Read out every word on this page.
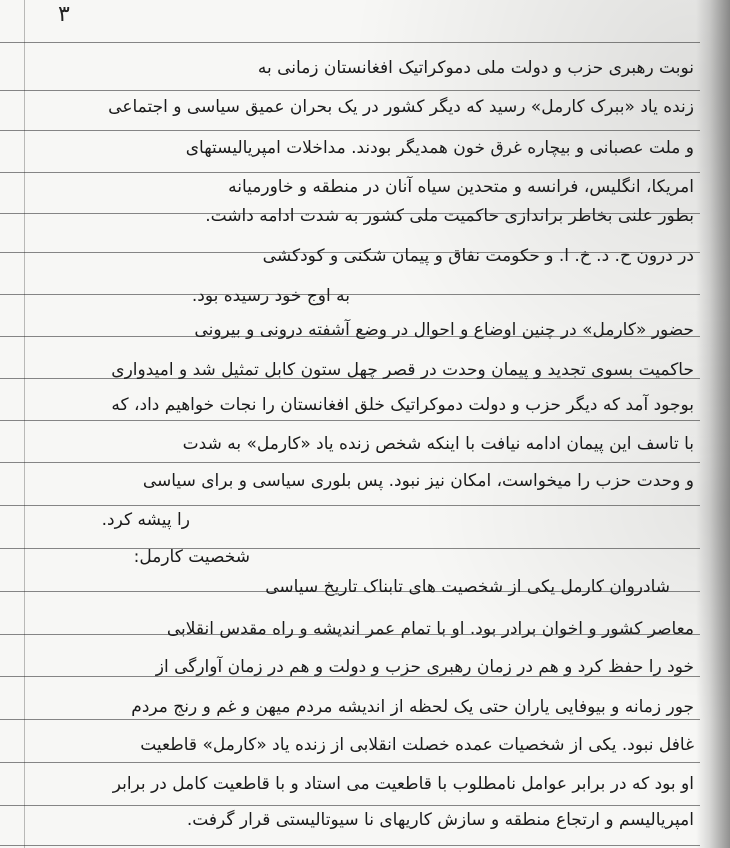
۳
نوبت رهبری حزب و دولت ملی دموکراتیک افغانستان زمانی به
زنده یاد «ببرک کارمل» رسید که دیگر کشور در یک بحران عمیق سیاسی و اجتماعی
و ملت عصبانی و بیچاره غرق خون همدیگر بودند. مداخلات امپریالیستهای
امریکا، انگلیس، فرانسه و متحدین سیاه آنان در منطقه و خاورمیانه
بطور علنی بخاطر براندازی حاکمیت ملی کشور به شدت ادامه داشت.
در درون ح. د. خ. ا. و حکومت نفاق و پیمان شکنی و کودکشی
به اوج خود رسیده بود.
حضور «کارمل» در چنین اوضاع و احوال در وضع آشفته درونی و بیرونی
حاکمیت بسوی تجدید و پیمان وحدت در قصر چهل ستون کابل تمثیل شد و امیدواری
بوجود آمد که دیگر حزب و دولت دموکراتیک خلق افغانستان را نجات خواهیم داد، که
با تاسف این پیمان ادامه نیافت با اینکه شخص زنده یاد «کارمل» به شدت
و وحدت حزب را میخواست، امکان نیز نبود. پس بلوری سیاسی و برای سیاسی
را پیشه کرد.
شخصیت کارمل:
شادروان کارمل یکی از شخصیت های تابناک تاریخ سیاسی
معاصر کشور و اخوان برادر بود. او با تمام عمر اندیشه و راه مقدس انقلابی
خود را حفظ کرد و هم در زمان رهبری حزب و دولت و هم در زمان آوارگی از
جور زمانه و بیوفایی یاران حتی یک لحظه از اندیشه مردم میهن و غم و رنج مردم
غافل نبود. یکی از شخصیات عمده خصلت انقلابی از زنده یاد «کارمل» قاطعیت
او بود که در برابر عوامل نامطلوب با قاطعیت می استاد و با قاطعیت کامل در برابر
امپریالیسم و ارتجاع منطقه و سازش کاریهای نا سیوتالیستی قرار گرفت.
